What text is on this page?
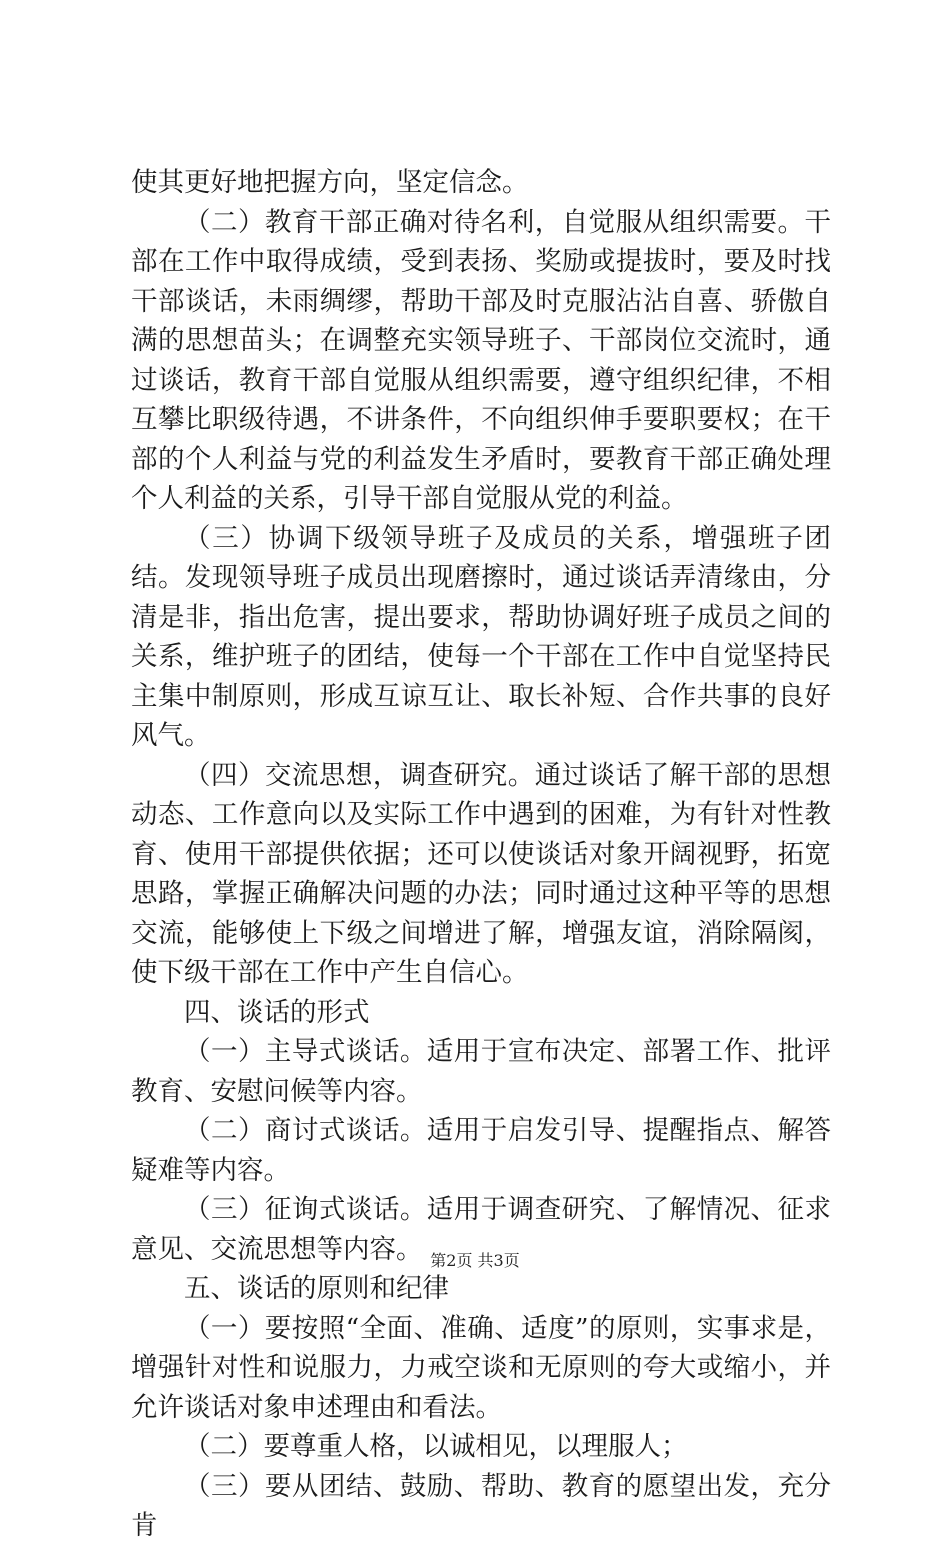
使其更好地把握方向，坚定信念。

（二）教育干部正确对待名利，自觉服从组织需要。干部在工作中取得成绩，受到表扬、奖励或提拔时，要及时找干部谈话，未雨绸缪，帮助干部及时克服沾沾自喜、骄傲自满的思想苗头；在调整充实领导班子、干部岗位交流时，通过谈话，教育干部自觉服从组织需要，遵守组织纪律，不相互攀比职级待遇，不讲条件，不向组织伸手要职要权；在干部的个人利益与党的利益发生矛盾时，要教育干部正确处理个人利益的关系，引导干部自觉服从党的利益。

（三）协调下级领导班子及成员的关系，增强班子团结。发现领导班子成员出现磨擦时，通过谈话弄清缘由，分清是非，指出危害，提出要求，帮助协调好班子成员之间的关系，维护班子的团结，使每一个干部在工作中自觉坚持民主集中制原则，形成互谅互让、取长补短、合作共事的良好风气。

（四）交流思想，调查研究。通过谈话了解干部的思想动态、工作意向以及实际工作中遇到的困难，为有针对性教育、使用干部提供依据；还可以使谈话对象开阔视野，拓宽思路，掌握正确解决问题的办法；同时通过这种平等的思想交流，能够使上下级之间增进了解，增强友谊，消除隔阂，使下级干部在工作中产生自信心。

四、谈话的形式

（一）主导式谈话。适用于宣布决定、部署工作、批评教育、安慰问候等内容。

（二）商讨式谈话。适用于启发引导、提醒指点、解答疑难等内容。

（三）征询式谈话。适用于调查研究、了解情况、征求意见、交流思想等内容。

五、谈话的原则和纪律

（一）要按照“全面、准确、适度”的原则，实事求是，增强针对性和说服力，力戒空谈和无原则的夸大或缩小，并允许谈话对象申述理由和看法。

（二）要尊重人格，以诚相见，以理服人；

（三）要从团结、鼓励、帮助、教育的愿望出发，充分肯

第2页 共3页
